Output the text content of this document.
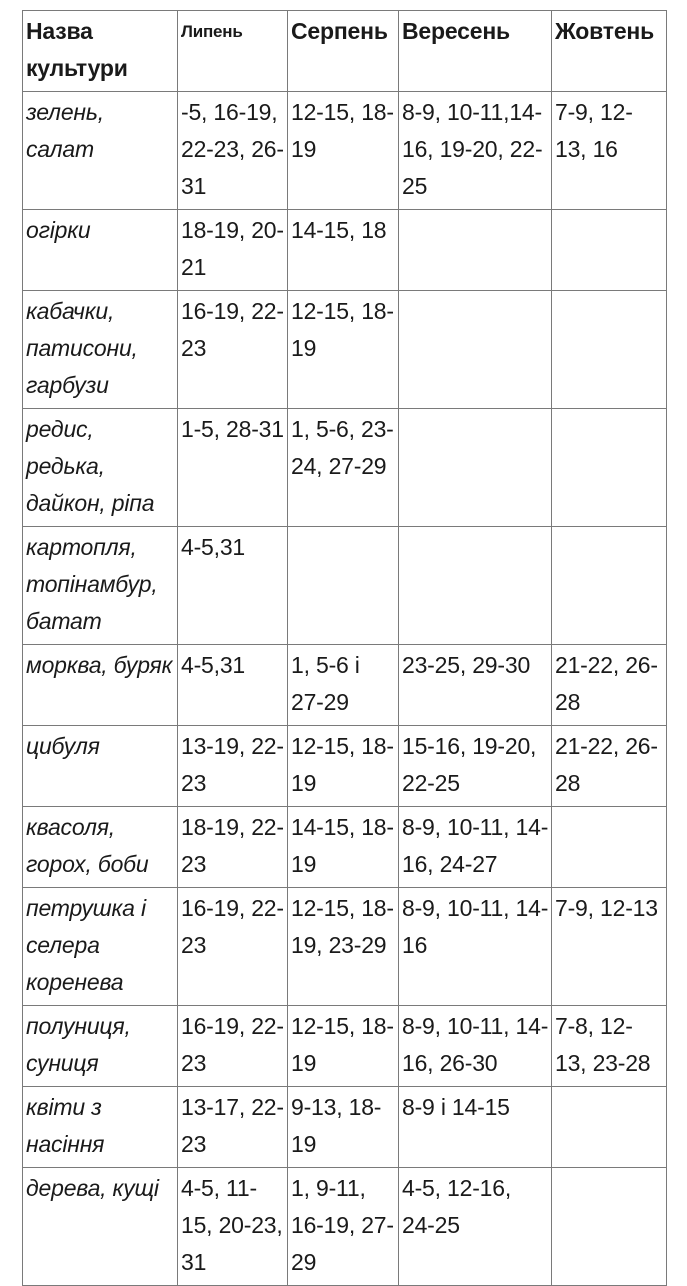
Назва культури	Липень	Серпень	Вересень	Жовтень
зелень, салат	-5, 16-19, 22-23, 26-31	12-15, 18-19	8-9, 10-11,14-16, 19-20, 22-25	7-9, 12-13, 16
огірки	18-19, 20-21	14-15, 18		
кабачки, патисони, гарбузи	16-19, 22-23	12-15, 18-19		
редис, редька, дайкон, ріпа	1-5, 28-31	1, 5-6, 23-24, 27-29		
картопля, топінамбур, батат	4-5,31			
морква, буряк	4-5,31	1, 5-6 і 27-29	23-25, 29-30	21-22, 26-28
цибуля	13-19, 22-23	12-15, 18-19	15-16, 19-20, 22-25	21-22, 26-28
квасоля, горох, боби	18-19, 22-23	14-15, 18-19	8-9, 10-11, 14-16, 24-27	
петрушка і селера коренева	16-19, 22-23	12-15, 18-19, 23-29	8-9, 10-11, 14-16	7-9, 12-13
полуниця, суниця	16-19, 22-23	12-15, 18-19	8-9, 10-11, 14-16, 26-30	7-8, 12-13, 23-28
квіти з насіння	13-17, 22-23	9-13, 18-19	8-9 і 14-15	
дерева, кущі	4-5, 11-15, 20-23, 31	1, 9-11, 16-19, 27-29	4-5, 12-16, 24-25	
